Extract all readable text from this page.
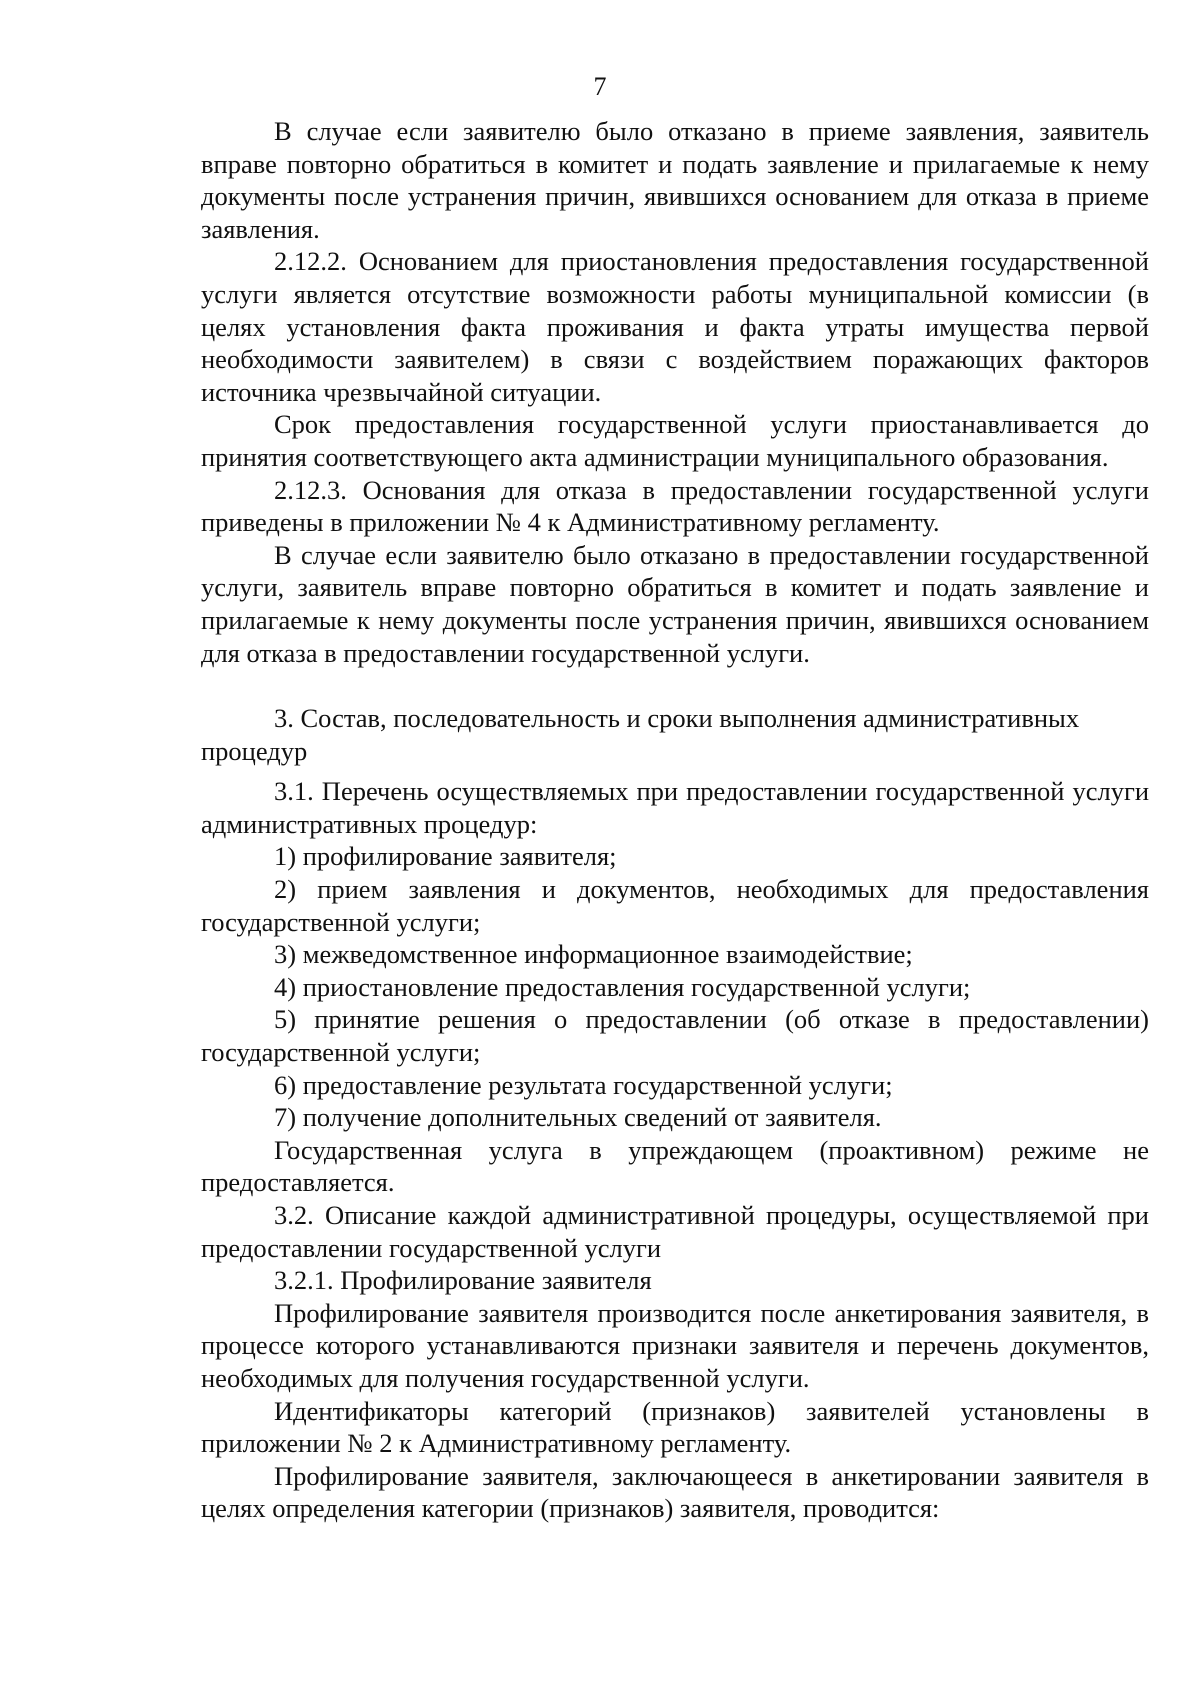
7

В случае если заявителю было отказано в приеме заявления, заявитель вправе повторно обратиться в комитет и подать заявление и прилагаемые к нему документы после устранения причин, явившихся основанием для отказа в приеме заявления.

2.12.2. Основанием для приостановления предоставления государственной услуги является отсутствие возможности работы муниципальной комиссии (в целях установления факта проживания и факта утраты имущества первой необходимости заявителем) в связи с воздействием поражающих факторов источника чрезвычайной ситуации.

Срок предоставления государственной услуги приостанавливается до принятия соответствующего акта администрации муниципального образования.

2.12.3. Основания для отказа в предоставлении государственной услуги приведены в приложении № 4 к Административному регламенту.

В случае если заявителю было отказано в предоставлении государственной услуги, заявитель вправе повторно обратиться в комитет и подать заявление и прилагаемые к нему документы после устранения причин, явившихся основанием для отказа в предоставлении государственной услуги.

3. Состав, последовательность и сроки выполнения административных процедур

3.1. Перечень осуществляемых при предоставлении государственной услуги административных процедур:

1) профилирование заявителя;

2) прием заявления и документов, необходимых для предоставления государственной услуги;

3) межведомственное информационное взаимодействие;

4) приостановление предоставления государственной услуги;

5) принятие решения о предоставлении (об отказе в предоставлении) государственной услуги;

6) предоставление результата государственной услуги;

7) получение дополнительных сведений от заявителя.

Государственная услуга в упреждающем (проактивном) режиме не предоставляется.

3.2. Описание каждой административной процедуры, осуществляемой при предоставлении государственной услуги

3.2.1. Профилирование заявителя

Профилирование заявителя производится после анкетирования заявителя, в процессе которого устанавливаются признаки заявителя и перечень документов, необходимых для получения государственной услуги.

Идентификаторы категорий (признаков) заявителей установлены в приложении № 2 к Административному регламенту.

Профилирование заявителя, заключающееся в анкетировании заявителя в целях определения категории (признаков) заявителя, проводится:
